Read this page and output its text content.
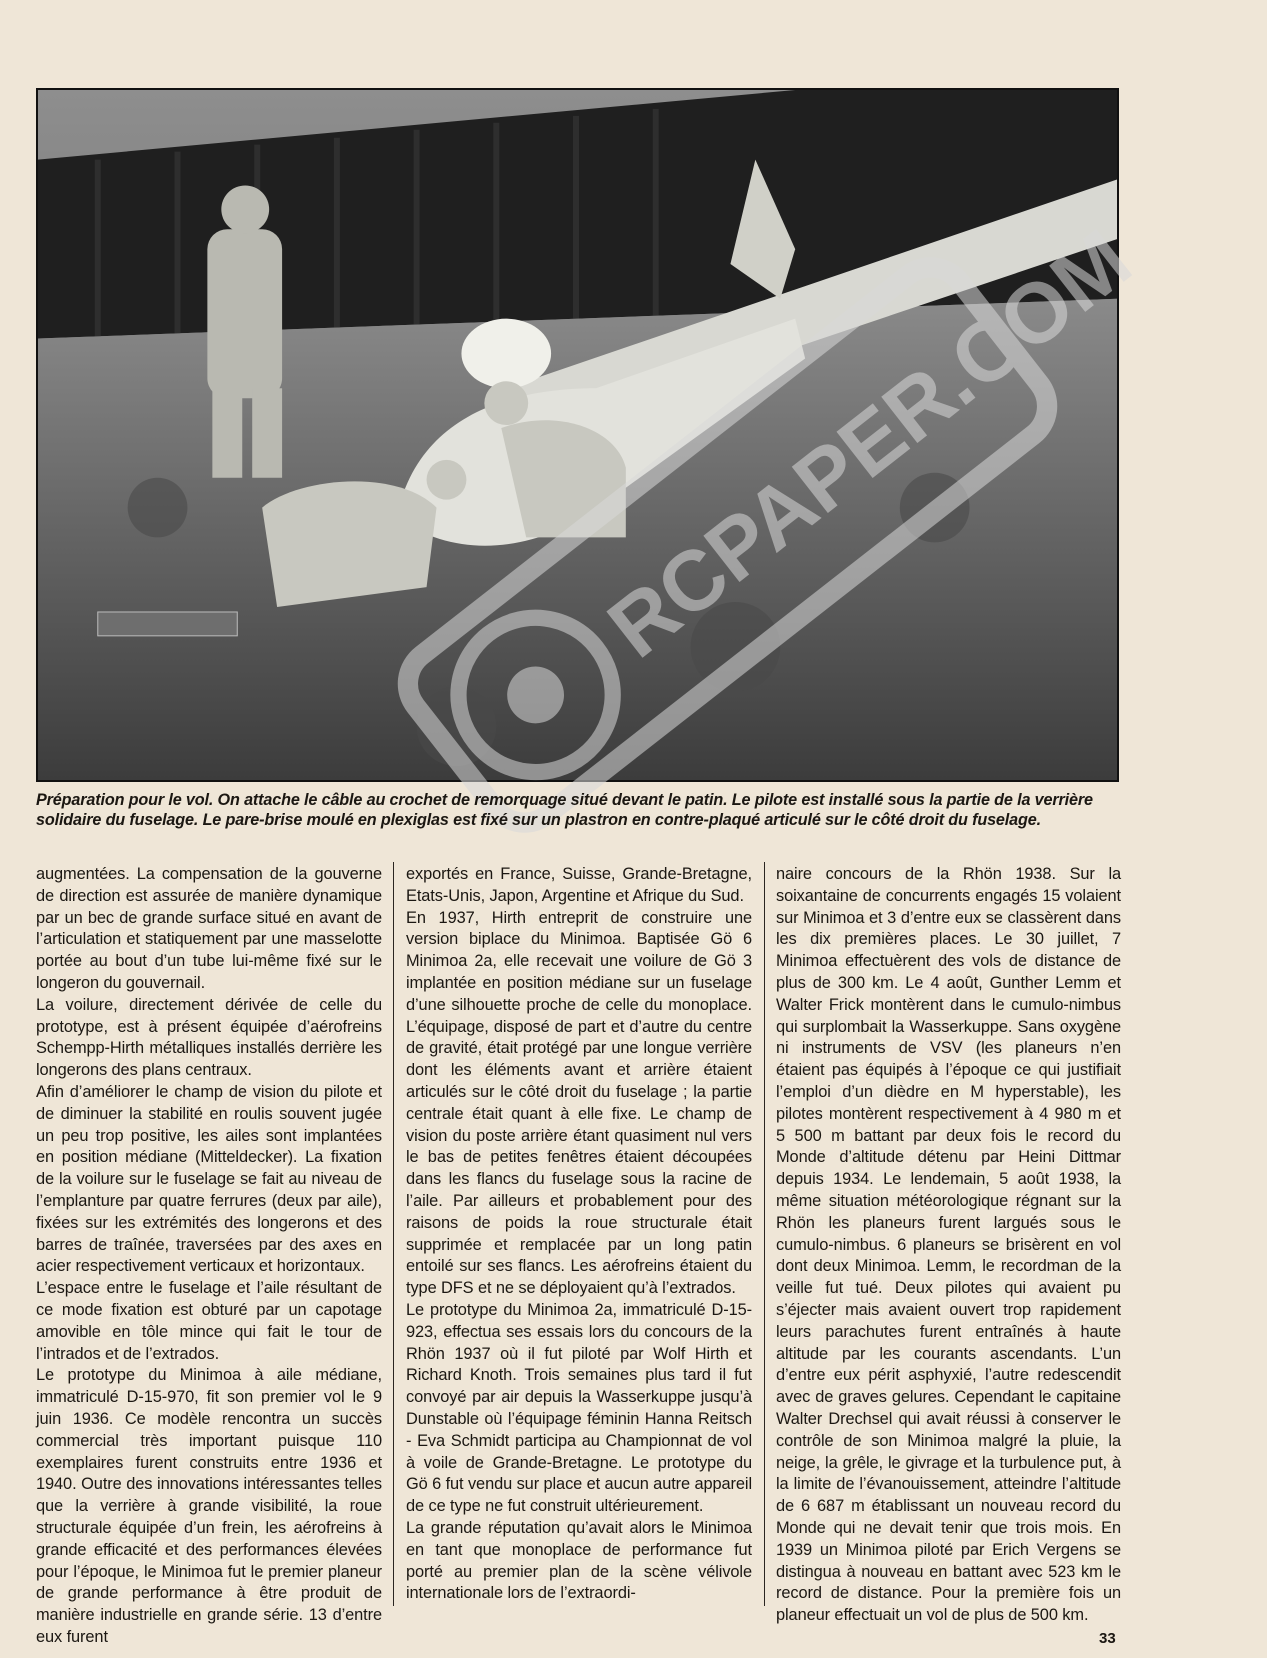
RCPAPER.COM
Préparation pour le vol. On attache le câble au crochet de remorquage situé devant le patin. Le pilote est installé sous la partie de la verrière solidaire du fuselage. Le pare-brise moulé en plexiglas est fixé sur un plastron en contre-plaqué articulé sur le côté droit du fuselage.

augmentées. La compensation de la gouverne de direction est assurée de manière dynamique par un bec de grande surface situé en avant de l’articulation et statiquement par une masselotte portée au bout d’un tube lui-même fixé sur le longeron du gouvernail.

La voilure, directement dérivée de celle du prototype, est à présent équipée d’aérofreins Schempp-Hirth métalliques installés derrière les longerons des plans centraux.

Afin d’améliorer le champ de vision du pilote et de diminuer la stabilité en roulis souvent jugée un peu trop positive, les ailes sont implantées en position médiane (Mitteldecker). La fixation de la voilure sur le fuselage se fait au niveau de l’emplanture par quatre ferrures (deux par aile), fixées sur les extrémités des longerons et des barres de traînée, traversées par des axes en acier respectivement verticaux et horizontaux.

L’espace entre le fuselage et l’aile résultant de ce mode fixation est obturé par un capotage amovible en tôle mince qui fait le tour de l’intrados et de l’extrados.

Le prototype du Minimoa à aile médiane, immatriculé D-15-970, fit son premier vol le 9 juin 1936. Ce modèle rencontra un succès commercial très important puisque 110 exemplaires furent construits entre 1936 et 1940. Outre des innovations intéressantes telles que la verrière à grande visibilité, la roue structurale équipée d’un frein, les aérofreins à grande efficacité et des performances élevées pour l’époque, le Minimoa fut le premier planeur de grande performance à être produit de manière industrielle en grande série. 13 d’entre eux furent

exportés en France, Suisse, Grande-Bretagne, Etats-Unis, Japon, Argentine et Afrique du Sud.

En 1937, Hirth entreprit de construire une version biplace du Minimoa. Baptisée Gö 6 Minimoa 2a, elle recevait une voilure de Gö 3 implantée en position médiane sur un fuselage d’une silhouette proche de celle du monoplace. L’équipage, disposé de part et d’autre du centre de gravité, était protégé par une longue verrière dont les éléments avant et arrière étaient articulés sur le côté droit du fuselage ; la partie centrale était quant à elle fixe. Le champ de vision du poste arrière étant quasiment nul vers le bas de petites fenêtres étaient découpées dans les flancs du fuselage sous la racine de l’aile. Par ailleurs et probablement pour des raisons de poids la roue structurale était supprimée et remplacée par un long patin entoilé sur ses flancs. Les aérofreins étaient du type DFS et ne se déployaient qu’à l’extrados.

Le prototype du Minimoa 2a, immatriculé D-15-923, effectua ses essais lors du concours de la Rhön 1937 où il fut piloté par Wolf Hirth et Richard Knoth. Trois semaines plus tard il fut convoyé par air depuis la Wasserkuppe jusqu’à Dunstable où l’équipage féminin Hanna Reitsch - Eva Schmidt participa au Championnat de vol à voile de Grande-Bretagne. Le prototype du Gö 6 fut vendu sur place et aucun autre appareil de ce type ne fut construit ultérieurement.

La grande réputation qu’avait alors le Minimoa en tant que monoplace de performance fut porté au premier plan de la scène vélivole internationale lors de l’extraordi-

naire concours de la Rhön 1938. Sur la soixantaine de concurrents engagés 15 volaient sur Minimoa et 3 d’entre eux se classèrent dans les dix premières places. Le 30 juillet, 7 Minimoa effectuèrent des vols de distance de plus de 300 km. Le 4 août, Gunther Lemm et Walter Frick montèrent dans le cumulo-nimbus qui surplombait la Wasserkuppe. Sans oxygène ni instruments de VSV (les planeurs n’en étaient pas équipés à l’époque ce qui justifiait l’emploi d’un dièdre en M hyperstable), les pilotes montèrent respectivement à 4 980 m et 5 500 m battant par deux fois le record du Monde d’altitude détenu par Heini Dittmar depuis 1934. Le lendemain, 5 août 1938, la même situation météorologique régnant sur la Rhön les planeurs furent largués sous le cumulo-nimbus. 6 planeurs se brisèrent en vol dont deux Minimoa. Lemm, le recordman de la veille fut tué. Deux pilotes qui avaient pu s’éjecter mais avaient ouvert trop rapidement leurs parachutes furent entraînés à haute altitude par les courants ascendants. L’un d’entre eux périt asphyxié, l’autre redescendit avec de graves gelures. Cependant le capitaine Walter Drechsel qui avait réussi à conserver le contrôle de son Minimoa malgré la pluie, la neige, la grêle, le givrage et la turbulence put, à la limite de l’évanouissement, atteindre l’altitude de 6 687 m établissant un nouveau record du Monde qui ne devait tenir que trois mois. En 1939 un Minimoa piloté par Erich Vergens se distingua à nouveau en battant avec 523 km le record de distance. Pour la première fois un planeur effectuait un vol de plus de 500 km.

33
